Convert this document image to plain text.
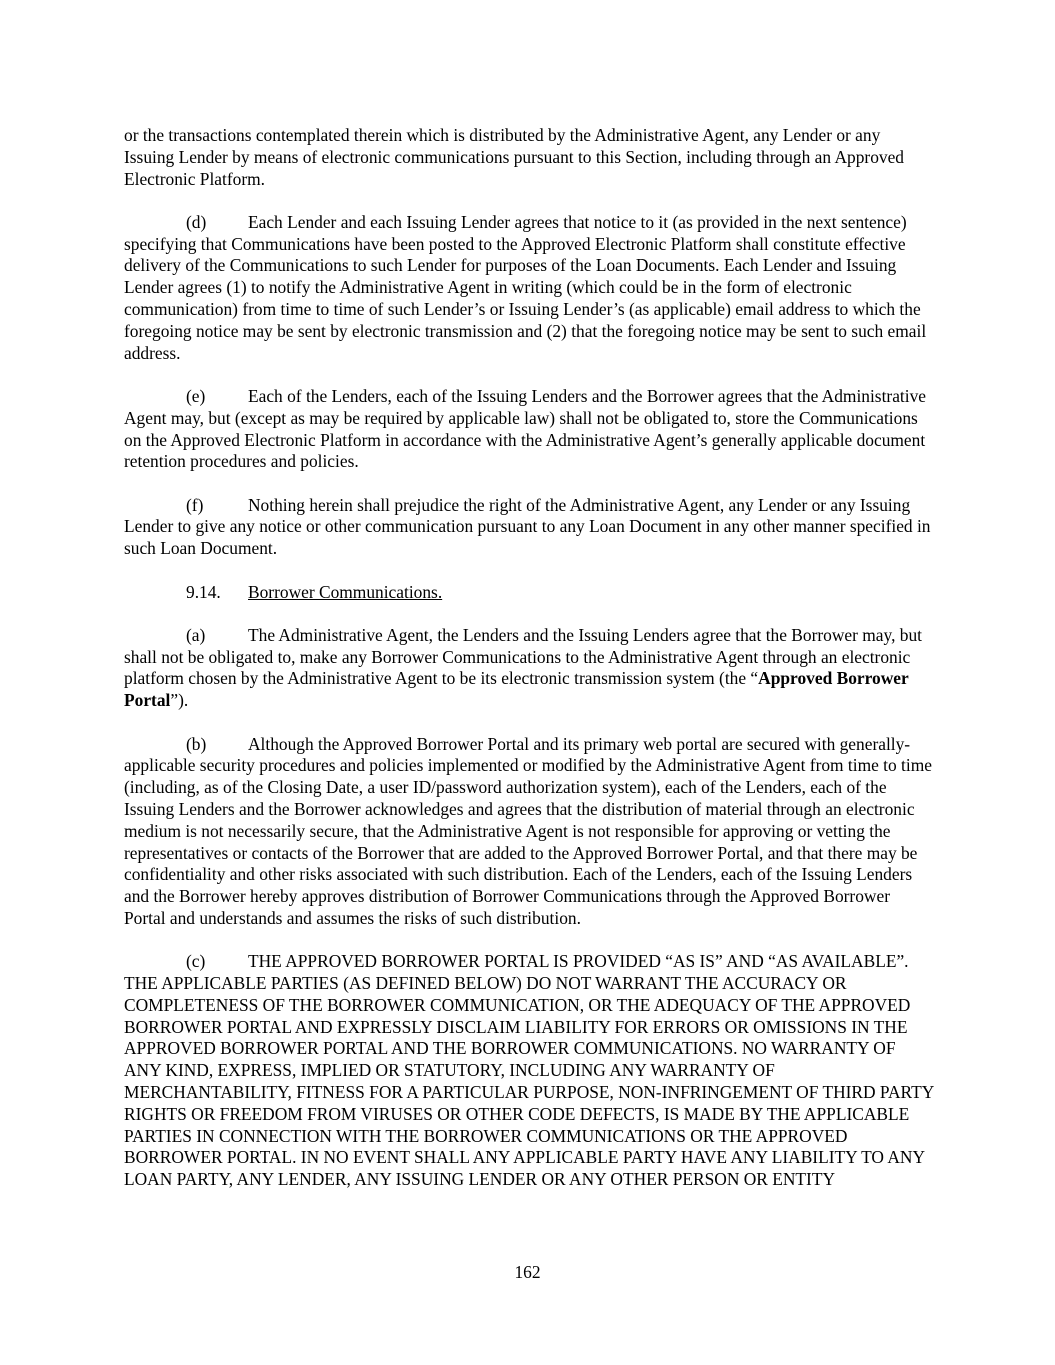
or the transactions contemplated therein which is distributed by the Administrative Agent, any Lender or any Issuing Lender by means of electronic communications pursuant to this Section, including through an Approved Electronic Platform.

(d) Each Lender and each Issuing Lender agrees that notice to it (as provided in the next sentence) specifying that Communications have been posted to the Approved Electronic Platform shall constitute effective delivery of the Communications to such Lender for purposes of the Loan Documents. Each Lender and Issuing Lender agrees (1) to notify the Administrative Agent in writing (which could be in the form of electronic communication) from time to time of such Lender’s or Issuing Lender’s (as applicable) email address to which the foregoing notice may be sent by electronic transmission and (2) that the foregoing notice may be sent to such email address.

(e) Each of the Lenders, each of the Issuing Lenders and the Borrower agrees that the Administrative Agent may, but (except as may be required by applicable law) shall not be obligated to, store the Communications on the Approved Electronic Platform in accordance with the Administrative Agent’s generally applicable document retention procedures and policies.

(f)	Nothing herein shall prejudice the right of the Administrative Agent, any Lender or any Issuing Lender to give any notice or other communication pursuant to any Loan Document in any other manner specified in such Loan Document.

9.14. Borrower Communications.

(a) The Administrative Agent, the Lenders and the Issuing Lenders agree that the Borrower may, but shall not be obligated to, make any Borrower Communications to the Administrative Agent through an electronic platform chosen by the Administrative Agent to be its electronic transmission system (the “Approved Borrower Portal”).

(b) Although the Approved Borrower Portal and its primary web portal are secured with generally-applicable security procedures and policies implemented or modified by the Administrative Agent from time to time (including, as of the Closing Date, a user ID/password authorization system), each of the Lenders, each of the Issuing Lenders and the Borrower acknowledges and agrees that the distribution of material through an electronic medium is not necessarily secure, that the Administrative Agent is not responsible for approving or vetting the representatives or contacts of the Borrower that are added to the Approved Borrower Portal, and that there may be confidentiality and other risks associated with such distribution. Each of the Lenders, each of the Issuing Lenders and the Borrower hereby approves distribution of Borrower Communications through the Approved Borrower Portal and understands and assumes the risks of such distribution.

(c) THE APPROVED BORROWER PORTAL IS PROVIDED “AS IS” AND “AS AVAILABLE”. THE APPLICABLE PARTIES (AS DEFINED BELOW) DO NOT WARRANT THE ACCURACY OR COMPLETENESS OF THE BORROWER COMMUNICATION, OR THE ADEQUACY OF THE APPROVED BORROWER PORTAL AND EXPRESSLY DISCLAIM LIABILITY FOR ERRORS OR OMISSIONS IN THE APPROVED BORROWER PORTAL AND THE BORROWER COMMUNICATIONS. NO WARRANTY OF ANY KIND, EXPRESS, IMPLIED OR STATUTORY, INCLUDING ANY WARRANTY OF MERCHANTABILITY, FITNESS FOR A PARTICULAR PURPOSE, NON-INFRINGEMENT OF THIRD PARTY RIGHTS OR FREEDOM FROM VIRUSES OR OTHER CODE DEFECTS, IS MADE BY THE APPLICABLE PARTIES IN CONNECTION WITH THE BORROWER COMMUNICATIONS OR THE APPROVED BORROWER PORTAL. IN NO EVENT SHALL ANY APPLICABLE PARTY HAVE ANY LIABILITY TO ANY LOAN PARTY, ANY LENDER, ANY ISSUING LENDER OR ANY OTHER PERSON OR ENTITY

162
